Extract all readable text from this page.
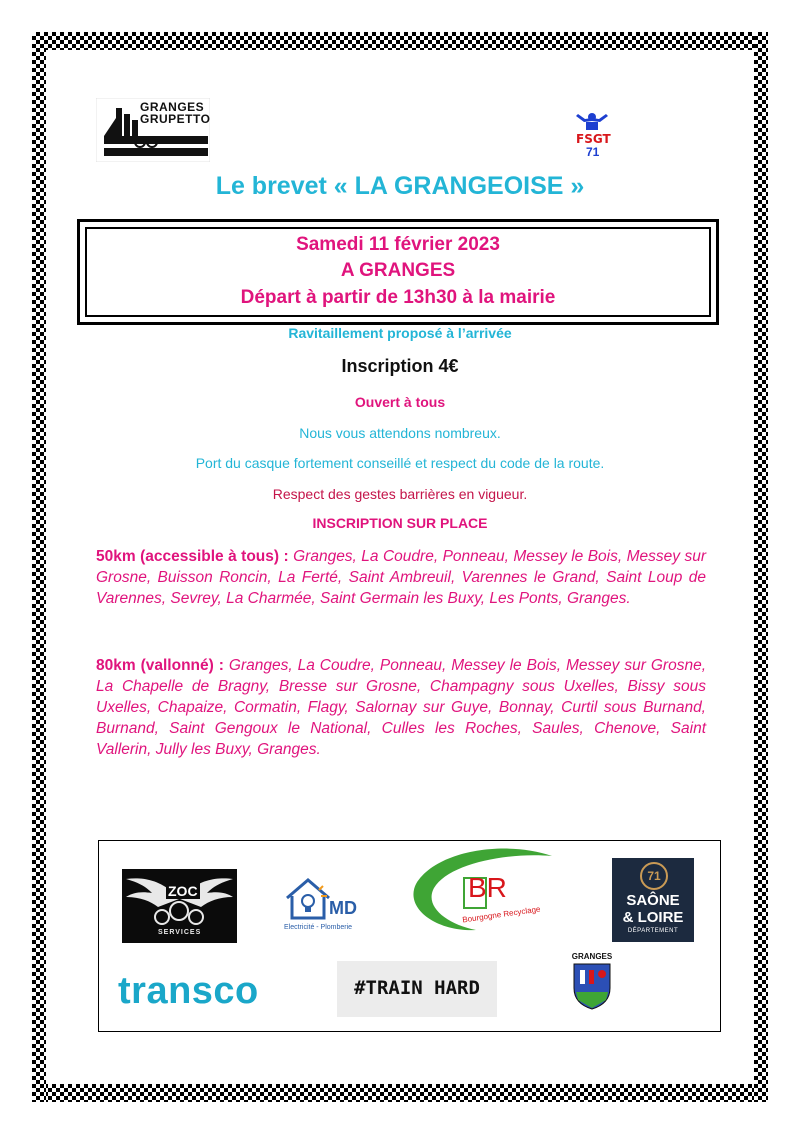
GRANGES
GRUPETTO
FSGT
71
Le brevet « LA GRANGEOISE »
Samedi 11 février 2023
A GRANGES
Départ à partir de 13h30 à la mairie
Ravitaillement proposé à l’arrivée
Inscription 4€
Ouvert à tous
Nous vous attendons nombreux.
Port du casque fortement conseillé et respect du code de la route.
Respect des gestes barrières en vigueur.
INSCRIPTION SUR PLACE
50km (accessible à tous) : Granges, La Coudre, Ponneau, Messey le Bois, Messey sur Grosne, Buisson Roncin, La Ferté, Saint Ambreuil, Varennes le Grand, Saint Loup de Varennes, Sevrey, La Charmée, Saint Germain les Buxy, Les Ponts, Granges.
80km (vallonné) : Granges, La Coudre, Ponneau, Messey le Bois, Messey sur Grosne, La Chapelle de Bragny, Bresse sur Grosne, Champagny sous Uxelles, Bissy sous Uxelles, Chapaize, Cormatin, Flagy, Salornay sur Guye, Bonnay, Curtil sous Burnand, Burnand, Saint Gengoux le National, Culles les Roches, Saules, Chenove, Saint Vallerin, Jully les Buxy, Granges.
ZOC
SERVICES
MD
Electricité - Plomberie
BR
Bourgogne Recyclage
71
SAÔNE
& LOIRE
DÉPARTEMENT
transco	#TRAIN HARD
GRANGES
